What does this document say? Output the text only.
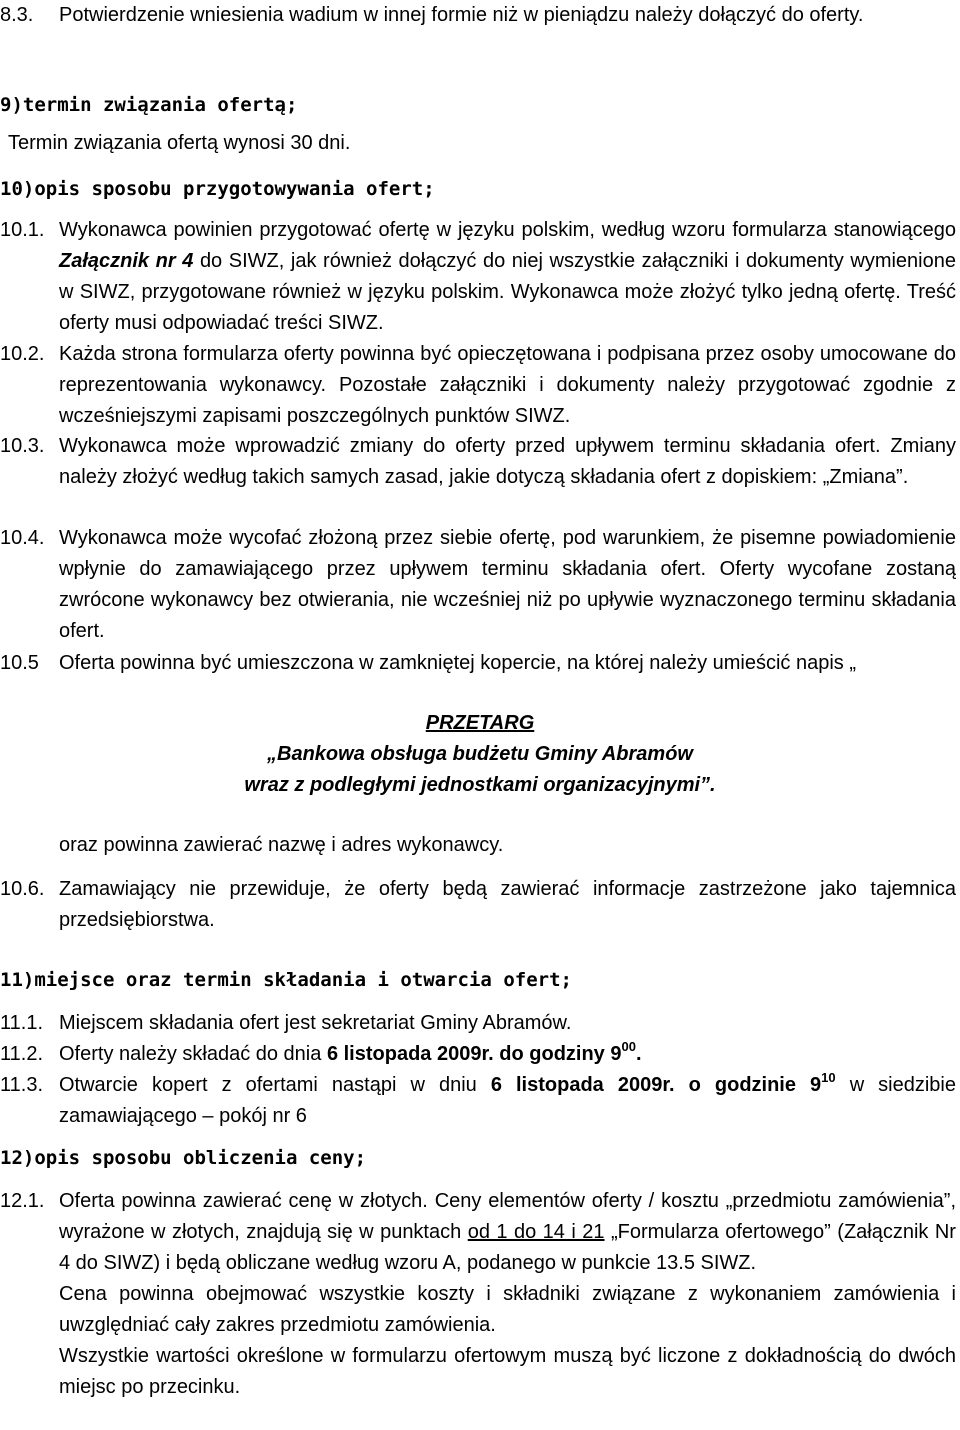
8.3. Potwierdzenie wniesienia wadium w innej formie niż w pieniądzu należy dołączyć do oferty.
9)termin związania ofertą;
Termin związania ofertą wynosi 30 dni.
10)opis sposobu przygotowywania ofert;
10.1. Wykonawca powinien przygotować ofertę w języku polskim, według wzoru formularza stanowiącego Załącznik nr 4 do SIWZ, jak również dołączyć do niej wszystkie załączniki i dokumenty wymienione w SIWZ, przygotowane również w języku polskim. Wykonawca może złożyć tylko jedną ofertę. Treść oferty musi odpowiadać treści SIWZ.
10.2. Każda strona formularza oferty powinna być opieczętowana i podpisana przez osoby umocowane do reprezentowania wykonawcy. Pozostałe załączniki i dokumenty należy przygotować zgodnie z wcześniejszymi zapisami poszczególnych punktów SIWZ.
10.3. Wykonawca może wprowadzić zmiany do oferty przed upływem terminu składania ofert. Zmiany należy złożyć według takich samych zasad, jakie dotyczą składania ofert z dopiskiem: „Zmiana”.
10.4. Wykonawca może wycofać złożoną przez siebie ofertę, pod warunkiem, że pisemne powiadomienie wpłynie do zamawiającego przez upływem terminu składania ofert. Oferty wycofane zostaną zwrócone wykonawcy bez otwierania, nie wcześniej niż po upływie wyznaczonego terminu składania ofert.
10.5 Oferta powinna być umieszczona w zamkniętej kopercie, na której należy umieścić napis „
PRZETARG
„Bankowa obsługa budżetu Gminy Abramów
wraz z podległymi jednostkami organizacyjnymi”.
oraz powinna zawierać nazwę i adres wykonawcy.
10.6. Zamawiający nie przewiduje, że oferty będą zawierać informacje zastrzeżone jako tajemnica przedsiębiorstwa.
11)miejsce oraz termin składania i otwarcia ofert;
11.1. Miejscem składania ofert jest sekretariat Gminy Abramów.
11.2. Oferty należy składać do dnia 6 listopada 2009r. do godziny $9^{00}$.
11.3. Otwarcie kopert z ofertami nastąpi w dniu 6 listopada 2009r. o godzinie $9^{10}$ w siedzibie zamawiającego – pokój nr 6
12)opis sposobu obliczenia ceny;
12.1. Oferta powinna zawierać cenę w złotych. Ceny elementów oferty / kosztu „przedmiotu zamówienia”, wyrażone w złotych, znajdują się w punktach od 1 do 14 i 21 „Formularza ofertowego” (Załącznik Nr 4 do SIWZ) i będą obliczane według wzoru A, podanego w punkcie 13.5 SIWZ.

Cena powinna obejmować wszystkie koszty i składniki związane z wykonaniem zamówienia i uwzględniać cały zakres przedmiotu zamówienia.

Wszystkie wartości określone w formularzu ofertowym muszą być liczone z dokładnością do dwóch miejsc po przecinku.
